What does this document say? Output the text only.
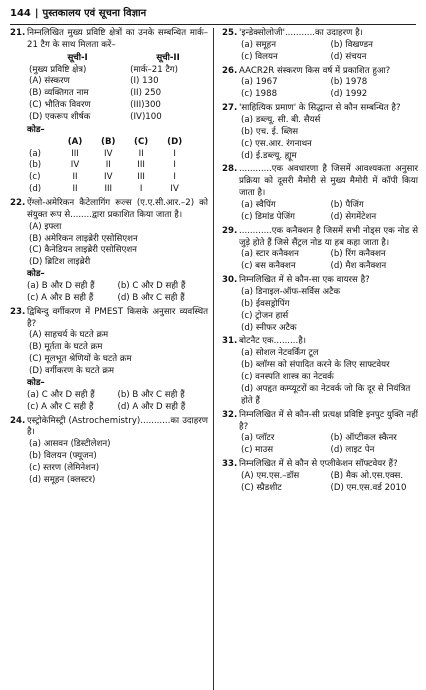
144 | पुस्तकालय एवं सूचना विज्ञान
21. निम्नलिखित मुख्य प्रविष्टि क्षेत्रों का उनके सम्बन्धित मार्क–21 टैग के साथ मिलता करें–
सूची-I	सूची-II
(मुख्य प्रविष्टि क्षेत्र)	(मार्क–21 टैग)
(A) संस्करण	(I) 130
(B) व्यक्तिगत नाम	(II) 250
(C) भौतिक विवरण	(III)300
(D) एकरूप शीर्षक	(IV)100
कोड–
	(A)	(B)	(C)	(D)
(a)	III	IV	II	I
(b)	IV	II	III	I
(c)	II	IV	III	I
(d)	II	III	I	IV
22. ऐंग्लो-अमेरिकन कैटेलागिंग रूल्स (ए.ए.सी.आर.–2) को संयुक्त रूप से........द्वारा प्रकाशित किया जाता है।
(A) इफ्ला
(B) अमेरिकन लाइब्रेरी एसोसिएशन
(C) कैनेडियन लाइब्रेरी एसोसिएशन
(D) ब्रिटिश लाइब्रेरी
कोड–
(a) B और D सही हैं	(b) C और D सही हैं
(c) A और B सही हैं	(d) B और C सही हैं
23. द्विबिन्दु वर्गीकरण में PMEST किसके अनुसार व्यवस्थित है?
(A) साहचर्य के घटते क्रम
(B) मूर्तता के घटते क्रम
(C) मूलभूत श्रेणियों के घटते क्रम
(D) वर्गीकरण के घटते क्रम
कोड–
(a) C और D सही हैं	(b) B और C सही हैं
(c) A और C सही हैं	(d) A और D सही हैं
24. एस्ट्रोकेमिस्ट्री (Astrochemistry)...........का उदाहरण है।
(a) आसवन (डिस्टीलेशन)
(b) विलयन (फ्यूजन)
(c) स्तरण (लेमिनेशन)
(d) समूहन (क्लस्टर)
25. 'इन्डेक्सोलोजी'...........का उदाहरण है।
(a) समूहन	(b) विखण्डन
(c) विलयन	(d) संचयन
26. AACR2R संस्करण किस वर्ष में प्रकाशित हुआ?
(a) 1967	(b) 1978
(c) 1988	(d) 1992
27. 'साहित्यिक प्रमाण' के सिद्धान्त से कौन सम्बन्धित है?
(a) डब्ल्यू. सी. बी. सैयर्स
(b) एच. ई. ब्लिस
(c) एस.आर. रंगनाथन
(d) ई.डब्ल्यू. ह्यूम
28. ............एक अवधारणा है जिसमें आवश्यकता अनुसार प्रक्रिया को दूसरी मैमोरी से मुख्य मैमोरी में कॉपी किया जाता है।
(a) स्वैपिंग	(b) पैजिंग
(c) डिमांड पेजिंग	(d) सेगमेंटेशन
29. ............एक कनैक्शन है जिसमें सभी नोड्स एक नोड से जुड़े होते हैं जिसे सैंट्रल नोड या हब कहा जाता है।
(a) स्टार कनैक्शन	(b) रिंग कनैक्शन
(c) बस कनैक्शन	(d) मैश कनैक्शन
30. निम्नलिखित में से कौन-सा एक वायरस है?
(a) डिनाइल-ऑफ-सर्विस अटैक
(b) ईवसड्रोपिंग
(c) ट्रोजन हार्स
(d) स्नीफर अटैक
31. बोटनैट एक.........है।
(a) सोशल नेटवर्किंग टूल
(b) ब्लॉग्स को संपादित करने के लिए साफ्टवेयर
(c) वनस्पति शास्त्र का नेटवर्क
(d) अपहृत कम्प्यूटरों का नेटवर्क जो कि दूर से नियंत्रित होते हैं
32. निम्नलिखित में से कौन-सी प्रत्यक्ष प्रविष्टि इनपुट युक्ति नहीं है?
(a) प्लॉटर	(b) ऑप्टीकल स्कैनर
(c) माउस	(d) लाइट पेन
33. निम्नलिखित में से कौन से एप्लीकेशन सॉफ्टवेयर हैं?
(A) एम.एस.–डॉस	(B) मैक ओ.एस.एक्स.
(C) स्प्रैडशीट	(D) एम.एस.वर्ड 2010
